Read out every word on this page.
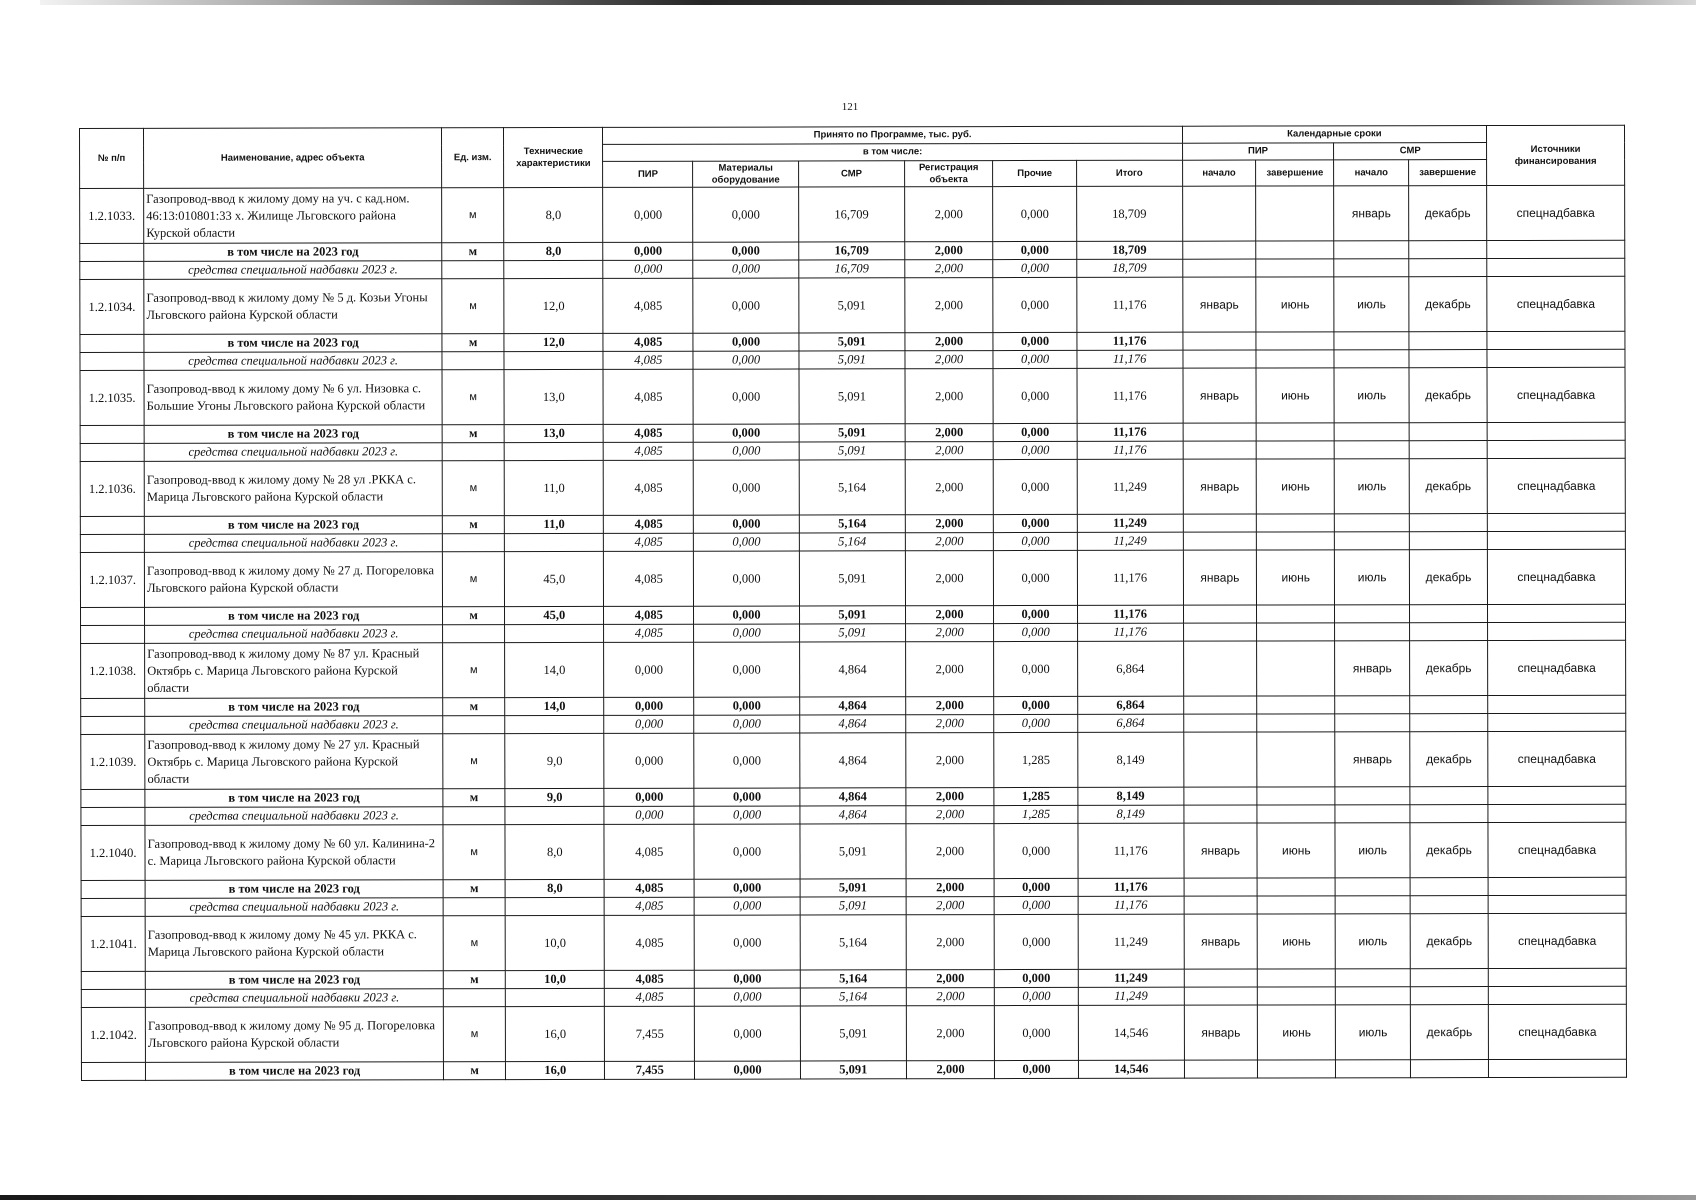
121
№ п/п	Наименование, адрес объекта	Ед. изм.	Технические характеристики	Принято по Программе, тыс. руб.						Календарные сроки				Источники финансирования
				в том числе:						ПИР		СМР		
				ПИР	Материалы оборудование	СМР	Регистрация объекта	Прочие	Итого	начало	завершение	начало	завершение	
1.2.1033.	Газопровод-ввод к жилому дому на уч. с кад.ном. 46:13:010801:33 х. Жилище Льговского района Курской области	м	8,0	0,000	0,000	16,709	2,000	0,000	18,709			январь	декабрь	спецнадбавка
	в том числе на 2023 год	м	8,0	0,000	0,000	16,709	2,000	0,000	18,709					
	средства специальной надбавки 2023 г.			0,000	0,000	16,709	2,000	0,000	18,709					
1.2.1034.	Газопровод-ввод к жилому дому № 5 д. Козьи Угоны Льговского района Курской области	м	12,0	4,085	0,000	5,091	2,000	0,000	11,176	январь	июнь	июль	декабрь	спецнадбавка
	в том числе на 2023 год	м	12,0	4,085	0,000	5,091	2,000	0,000	11,176					
	средства специальной надбавки 2023 г.			4,085	0,000	5,091	2,000	0,000	11,176					
1.2.1035.	Газопровод-ввод к жилому дому № 6 ул. Низовка с. Большие Угоны Льговского района Курской области	м	13,0	4,085	0,000	5,091	2,000	0,000	11,176	январь	июнь	июль	декабрь	спецнадбавка
	в том числе на 2023 год	м	13,0	4,085	0,000	5,091	2,000	0,000	11,176					
	средства специальной надбавки 2023 г.			4,085	0,000	5,091	2,000	0,000	11,176					
1.2.1036.	Газопровод-ввод к жилому дому № 28 ул .РККА с. Марица Льговского района Курской области	м	11,0	4,085	0,000	5,164	2,000	0,000	11,249	январь	июнь	июль	декабрь	спецнадбавка
	в том числе на 2023 год	м	11,0	4,085	0,000	5,164	2,000	0,000	11,249					
	средства специальной надбавки 2023 г.			4,085	0,000	5,164	2,000	0,000	11,249					
1.2.1037.	Газопровод-ввод к жилому дому № 27 д. Погореловка Льговского района Курской области	м	45,0	4,085	0,000	5,091	2,000	0,000	11,176	январь	июнь	июль	декабрь	спецнадбавка
	в том числе на 2023 год	м	45,0	4,085	0,000	5,091	2,000	0,000	11,176					
	средства специальной надбавки 2023 г.			4,085	0,000	5,091	2,000	0,000	11,176					
1.2.1038.	Газопровод-ввод к жилому дому № 87 ул. Красный Октябрь с. Марица Льговского района Курской области	м	14,0	0,000	0,000	4,864	2,000	0,000	6,864			январь	декабрь	спецнадбавка
	в том числе на 2023 год	м	14,0	0,000	0,000	4,864	2,000	0,000	6,864					
	средства специальной надбавки 2023 г.			0,000	0,000	4,864	2,000	0,000	6,864					
1.2.1039.	Газопровод-ввод к жилому дому № 27 ул. Красный Октябрь с. Марица Льговского района Курской области	м	9,0	0,000	0,000	4,864	2,000	1,285	8,149			январь	декабрь	спецнадбавка
	в том числе на 2023 год	м	9,0	0,000	0,000	4,864	2,000	1,285	8,149					
	средства специальной надбавки 2023 г.			0,000	0,000	4,864	2,000	1,285	8,149					
1.2.1040.	Газопровод-ввод к жилому дому № 60 ул. Калинина-2 с. Марица Льговского района Курской области	м	8,0	4,085	0,000	5,091	2,000	0,000	11,176	январь	июнь	июль	декабрь	спецнадбавка
	в том числе на 2023 год	м	8,0	4,085	0,000	5,091	2,000	0,000	11,176					
	средства специальной надбавки 2023 г.			4,085	0,000	5,091	2,000	0,000	11,176					
1.2.1041.	Газопровод-ввод к жилому дому № 45 ул. РККА с. Марица Льговского района Курской области	м	10,0	4,085	0,000	5,164	2,000	0,000	11,249	январь	июнь	июль	декабрь	спецнадбавка
	в том числе на 2023 год	м	10,0	4,085	0,000	5,164	2,000	0,000	11,249					
	средства специальной надбавки 2023 г.			4,085	0,000	5,164	2,000	0,000	11,249					
1.2.1042.	Газопровод-ввод к жилому дому № 95 д. Погореловка Льговского района Курской области	м	16,0	7,455	0,000	5,091	2,000	0,000	14,546	январь	июнь	июль	декабрь	спецнадбавка
	в том числе на 2023 год	м	16,0	7,455	0,000	5,091	2,000	0,000	14,546					
